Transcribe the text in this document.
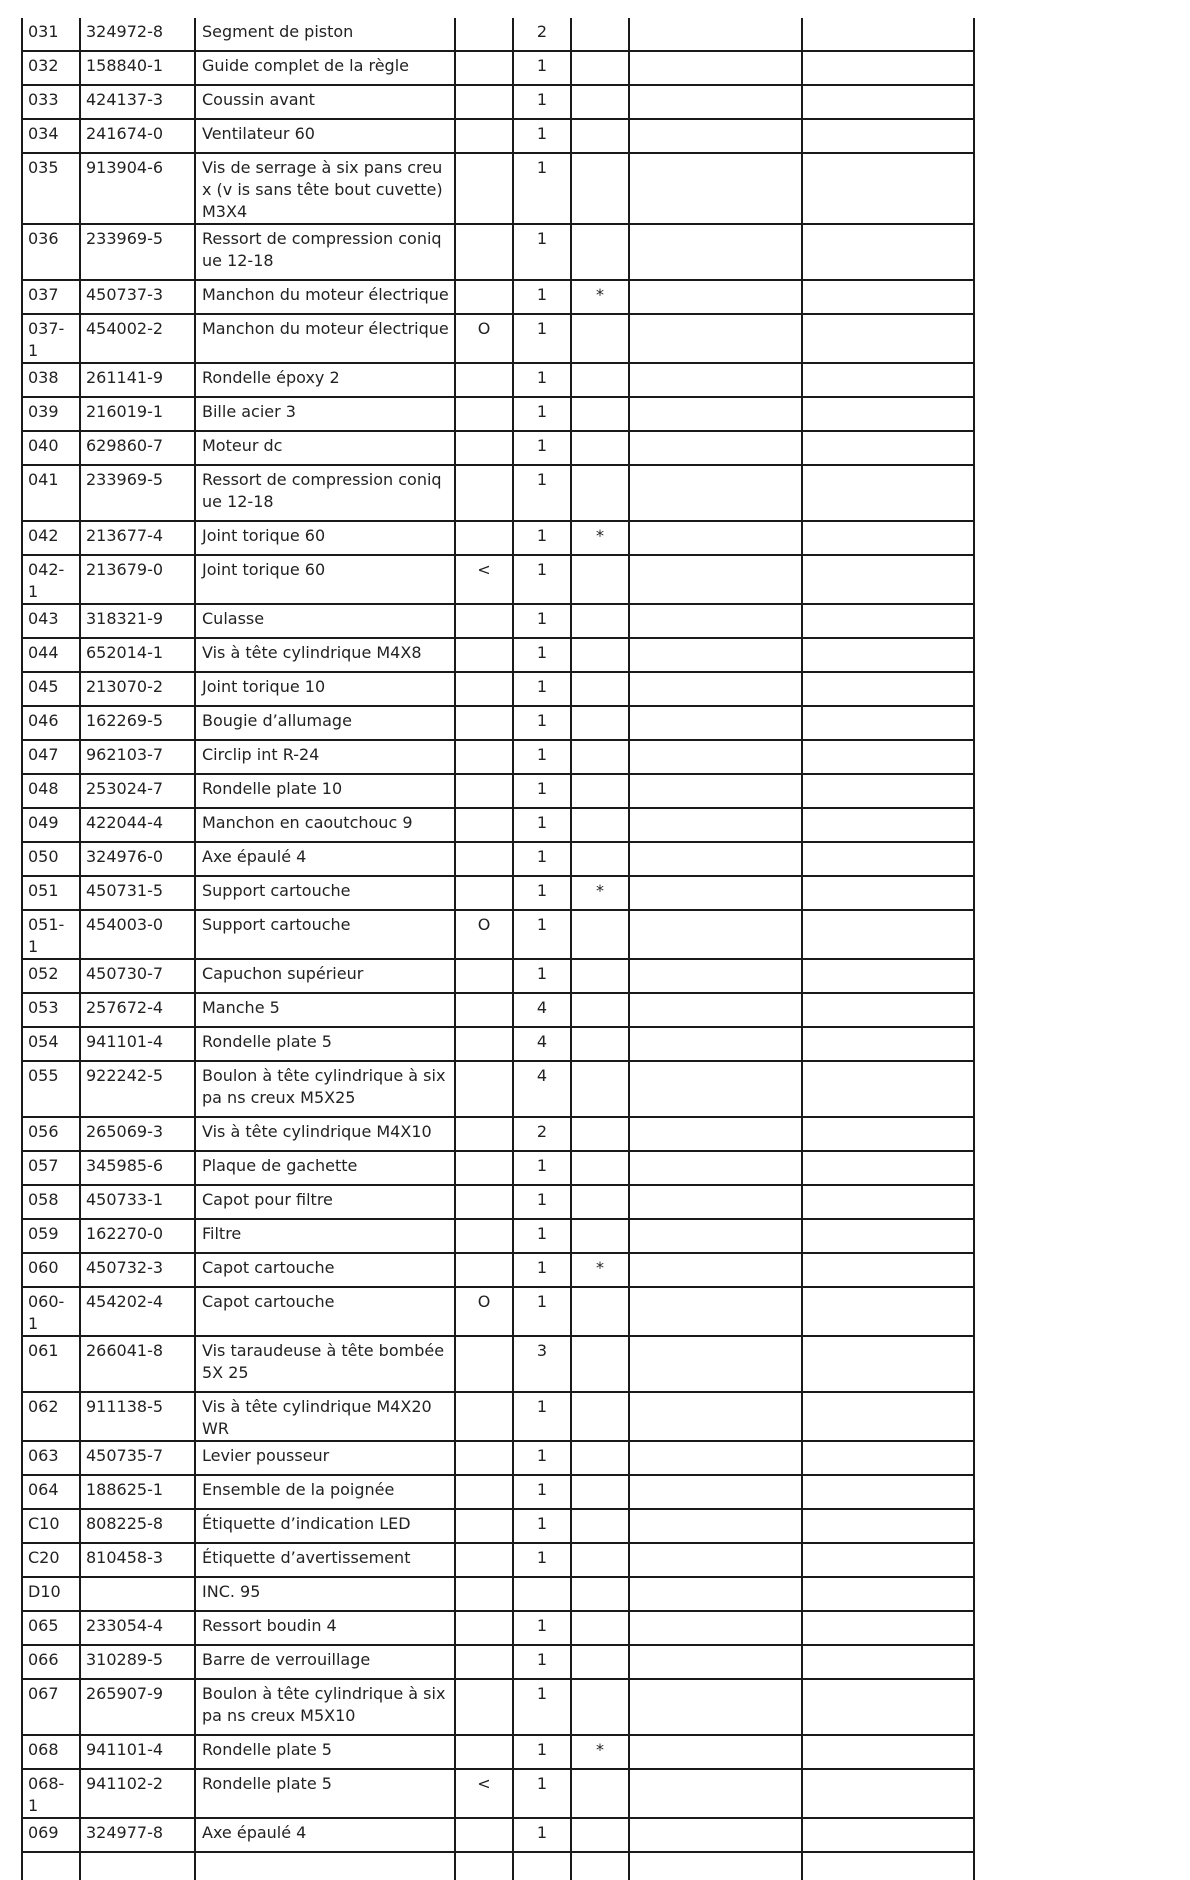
031	324972-8	Segment de piston		2			
032	158840-1	Guide complet de la règle		1			
033	424137-3	Coussin avant		1			
034	241674-0	Ventilateur 60		1			
035	913904-6	Vis de serrage à six pans creux (v is sans tête bout cuvette) M3X4		1			
036	233969-5	Ressort de compression conique 12-18		1			
037	450737-3	Manchon du moteur électrique		1	*		
037-1	454002-2	Manchon du moteur électrique	O	1			
038	261141-9	Rondelle époxy 2		1			
039	216019-1	Bille acier 3		1			
040	629860-7	Moteur dc		1			
041	233969-5	Ressort de compression conique 12-18		1			
042	213677-4	Joint torique 60		1	*		
042-1	213679-0	Joint torique 60	<	1			
043	318321-9	Culasse		1			
044	652014-1	Vis à tête cylindrique M4X8		1			
045	213070-2	Joint torique 10		1			
046	162269-5	Bougie d’allumage		1			
047	962103-7	Circlip int R-24		1			
048	253024-7	Rondelle plate 10		1			
049	422044-4	Manchon en caoutchouc 9		1			
050	324976-0	Axe épaulé 4		1			
051	450731-5	Support cartouche		1	*		
051-1	454003-0	Support cartouche	O	1			
052	450730-7	Capuchon supérieur		1			
053	257672-4	Manche 5		4			
054	941101-4	Rondelle plate 5		4			
055	922242-5	Boulon à tête cylindrique à six pa ns creux M5X25		4			
056	265069-3	Vis à tête cylindrique M4X10		2			
057	345985-6	Plaque de gachette		1			
058	450733-1	Capot pour filtre		1			
059	162270-0	Filtre		1			
060	450732-3	Capot cartouche		1	*		
060-1	454202-4	Capot cartouche	O	1			
061	266041-8	Vis taraudeuse à tête bombée 5X 25		3			
062	911138-5	Vis à tête cylindrique M4X20 WR		1			
063	450735-7	Levier pousseur		1			
064	188625-1	Ensemble de la poignée		1			
C10	808225-8	Étiquette d’indication LED		1			
C20	810458-3	Étiquette d’avertissement		1			
D10		INC. 95					
065	233054-4	Ressort boudin 4		1			
066	310289-5	Barre de verrouillage		1			
067	265907-9	Boulon à tête cylindrique à six pa ns creux M5X10		1			
068	941101-4	Rondelle plate 5		1	*		
068-1	941102-2	Rondelle plate 5	<	1			
069	324977-8	Axe épaulé 4		1			
